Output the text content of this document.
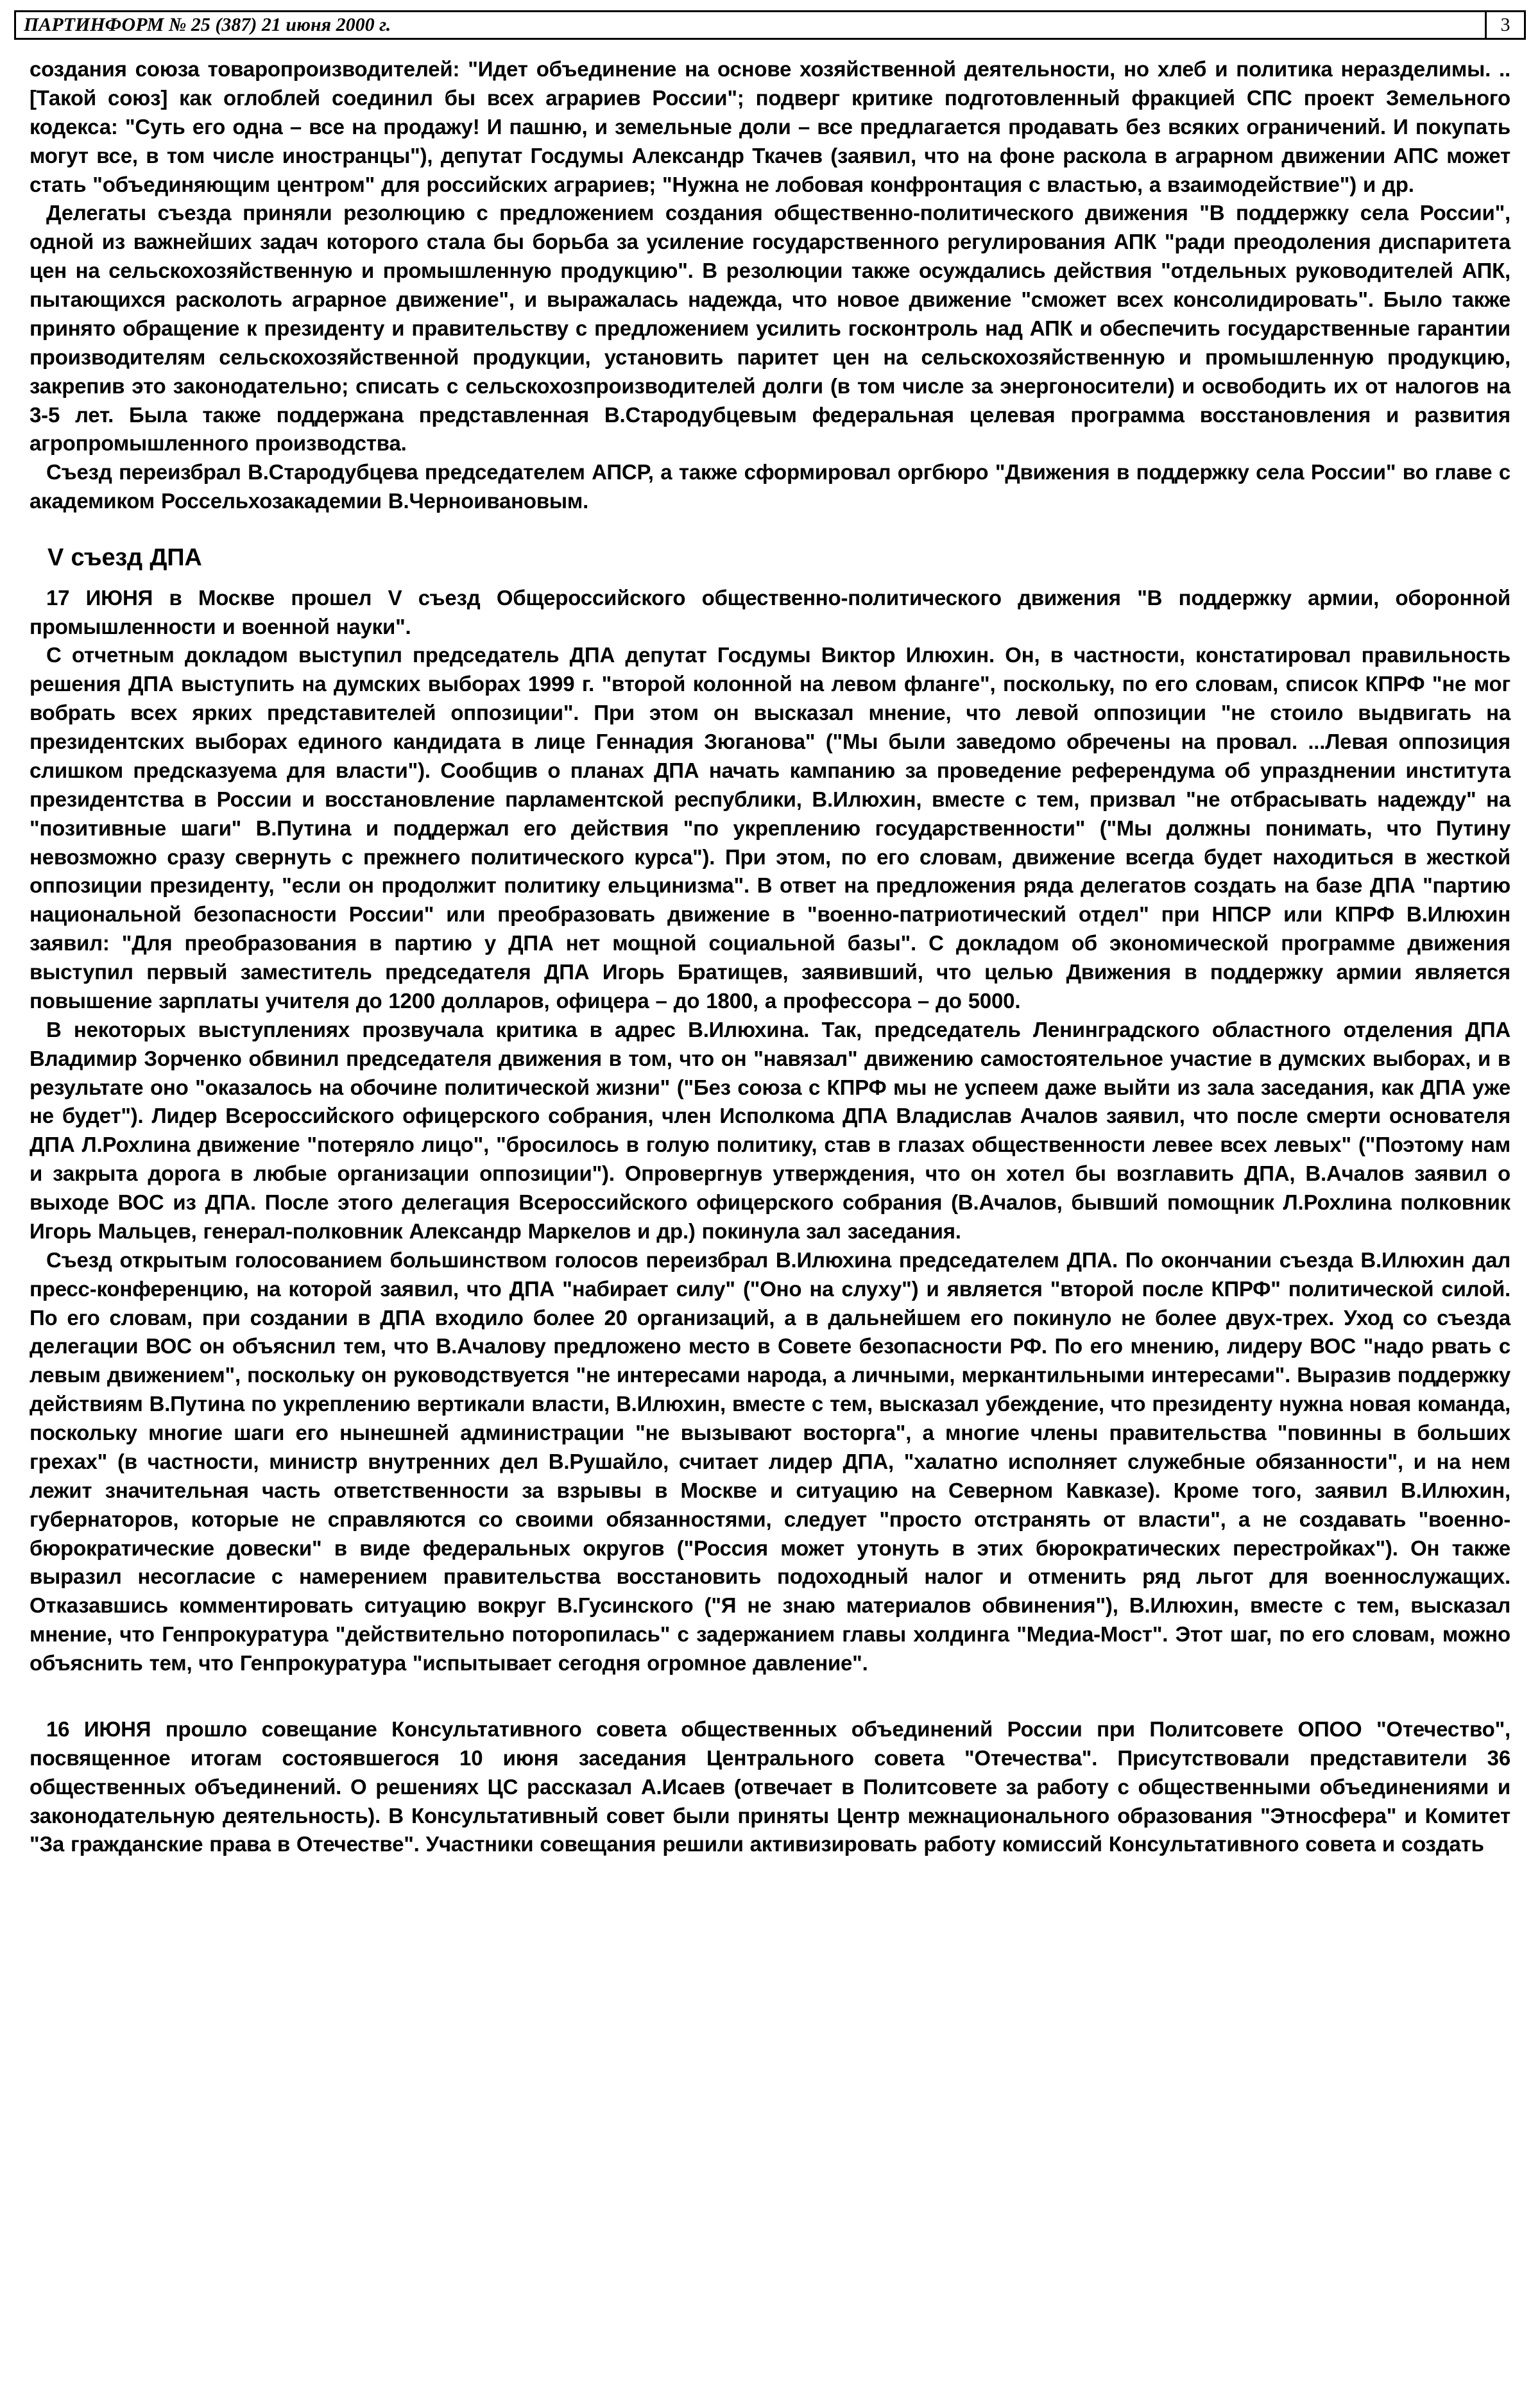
ПАРТИНФОРМ № 25 (387) 21 июня 2000 г.	3

создания союза товаропроизводителей: "Идет объединение на основе хозяйственной деятельности, но хлеб и политика неразделимы. ..[Такой союз] как оглоблей соединил бы всех аграриев России"; подверг критике подготовленный фракцией СПС проект Земельного кодекса: "Суть его одна – все на продажу! И пашню, и земельные доли – все предлагается продавать без всяких ограничений. И покупать могут все, в том числе иностранцы"), депутат Госдумы Александр Ткачев (заявил, что на фоне раскола в аграрном движении АПС может стать "объединяющим центром" для российских аграриев; "Нужна не лобовая конфронтация с властью, а взаимодействие") и др.

Делегаты съезда приняли резолюцию с предложением создания общественно-политического движения "В поддержку села России", одной из важнейших задач которого стала бы борьба за усиление государственного регулирования АПК "ради преодоления диспаритета цен на сельскохозяйственную и промышленную продукцию". В резолюции также осуждались действия "отдельных руководителей АПК, пытающихся расколоть аграрное движение", и выражалась надежда, что новое движение "сможет всех консолидировать". Было также принято обращение к президенту и правительству с предложением усилить госконтроль над АПК и обеспечить государственные гарантии производителям сельскохозяйственной продукции, установить паритет цен на сельскохозяйственную и промышленную продукцию, закрепив это законодательно; списать с сельскохозпроизводителей долги (в том числе за энергоносители) и освободить их от налогов на 3-5 лет. Была также поддержана представленная В.Стародубцевым федеральная целевая программа восстановления и развития агропромышленного производства.

Съезд переизбрал В.Стародубцева председателем АПСР, а также сформировал оргбюро "Движения в поддержку села России" во главе с академиком Россельхозакадемии В.Черноивановым.

V съезд ДПА

17 ИЮНЯ в Москве прошел V съезд Общероссийского общественно-политического движения "В поддержку армии, оборонной промышленности и военной науки".

С отчетным докладом выступил председатель ДПА депутат Госдумы Виктор Илюхин. Он, в частности, констатировал правильность решения ДПА выступить на думских выборах 1999 г. "второй колонной на левом фланге", поскольку, по его словам, список КПРФ "не мог вобрать всех ярких представителей оппозиции". При этом он высказал мнение, что левой оппозиции "не стоило выдвигать на президентских выборах единого кандидата в лице Геннадия Зюганова" ("Мы были заведомо обречены на провал. ...Левая оппозиция слишком предсказуема для власти"). Сообщив о планах ДПА начать кампанию за проведение референдума об упразднении института президентства в России и восстановление парламентской республики, В.Илюхин, вместе с тем, призвал "не отбрасывать надежду" на "позитивные шаги" В.Путина и поддержал его действия "по укреплению государственности" ("Мы должны понимать, что Путину невозможно сразу свернуть с прежнего политического курса"). При этом, по его словам, движение всегда будет находиться в жесткой оппозиции президенту, "если он продолжит политику ельцинизма". В ответ на предложения ряда делегатов создать на базе ДПА "партию национальной безопасности России" или преобразовать движение в "военно-патриотический отдел" при НПСР или КПРФ В.Илюхин заявил: "Для преобразования в партию у ДПА нет мощной социальной базы". С докладом об экономической программе движения выступил первый заместитель председателя ДПА Игорь Братищев, заявивший, что целью Движения в поддержку армии является повышение зарплаты учителя до 1200 долларов, офицера – до 1800, а профессора – до 5000.

В некоторых выступлениях прозвучала критика в адрес В.Илюхина. Так, председатель Ленинградского областного отделения ДПА Владимир Зорченко обвинил председателя движения в том, что он "навязал" движению самостоятельное участие в думских выборах, и в результате оно "оказалось на обочине политической жизни" ("Без союза с КПРФ мы не успеем даже выйти из зала заседания, как ДПА уже не будет"). Лидер Всероссийского офицерского собрания, член Исполкома ДПА Владислав Ачалов заявил, что после смерти основателя ДПА Л.Рохлина движение "потеряло лицо", "бросилось в голую политику, став в глазах общественности левее всех левых" ("Поэтому нам и закрыта дорога в любые организации оппозиции"). Опровергнув утверждения, что он хотел бы возглавить ДПА, В.Ачалов заявил о выходе ВОС из ДПА. После этого делегация Всероссийского офицерского собрания (В.Ачалов, бывший помощник Л.Рохлина полковник Игорь Мальцев, генерал-полковник Александр Маркелов и др.) покинула зал заседания.

Съезд открытым голосованием большинством голосов переизбрал В.Илюхина председателем ДПА. По окончании съезда В.Илюхин дал пресс-конференцию, на которой заявил, что ДПА "набирает силу" ("Оно на слуху") и является "второй после КПРФ" политической силой. По его словам, при создании в ДПА входило более 20 организаций, а в дальнейшем его покинуло не более двух-трех. Уход со съезда делегации ВОС он объяснил тем, что В.Ачалову предложено место в Совете безопасности РФ. По его мнению, лидеру ВОС "надо рвать с левым движением", поскольку он руководствуется "не интересами народа, а личными, меркантильными интересами". Выразив поддержку действиям В.Путина по укреплению вертикали власти, В.Илюхин, вместе с тем, высказал убеждение, что президенту нужна новая команда, поскольку многие шаги его нынешней администрации "не вызывают восторга", а многие члены правительства "повинны в больших грехах" (в частности, министр внутренних дел В.Рушайло, считает лидер ДПА, "халатно исполняет служебные обязанности", и на нем лежит значительная часть ответственности за взрывы в Москве и ситуацию на Северном Кавказе). Кроме того, заявил В.Илюхин, губернаторов, которые не справляются со своими обязанностями, следует "просто отстранять от власти", а не создавать "военно-бюрократические довески" в виде федеральных округов ("Россия может утонуть в этих бюрократических перестройках"). Он также выразил несогласие с намерением правительства восстановить подоходный налог и отменить ряд льгот для военнослужащих. Отказавшись комментировать ситуацию вокруг В.Гусинского ("Я не знаю материалов обвинения"), В.Илюхин, вместе с тем, высказал мнение, что Генпрокуратура "действительно поторопилась" с задержанием главы холдинга "Медиа-Мост". Этот шаг, по его словам, можно объяснить тем, что Генпрокуратура "испытывает сегодня огромное давление".

16 ИЮНЯ прошло совещание Консультативного совета общественных объединений России при Политсовете ОПОО "Отечество", посвященное итогам состоявшегося 10 июня заседания Центрального совета "Отечества". Присутствовали представители 36 общественных объединений. О решениях ЦС рассказал А.Исаев (отвечает в Политсовете за работу с общественными объединениями и законодательную деятельность). В Консультативный совет были приняты Центр межнационального образования "Этносфера" и Комитет "За гражданские права в Отечестве". Участники совещания решили активизировать работу комиссий Консультативного совета и создать
